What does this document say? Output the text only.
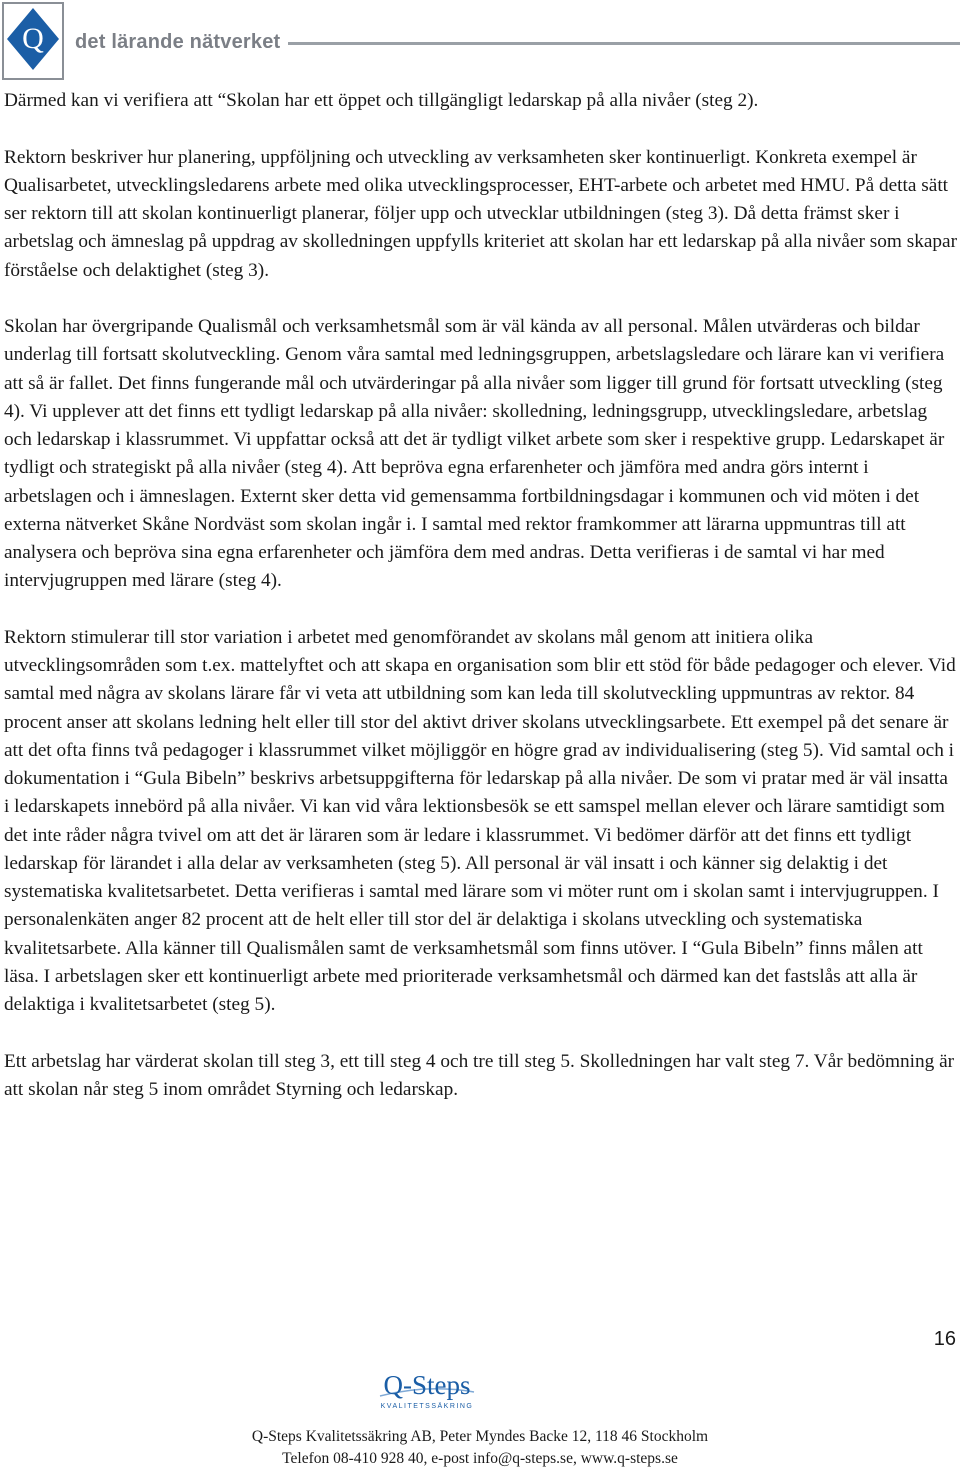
Q det lärande nätverket

Därmed kan vi verifiera att “Skolan har ett öppet och tillgängligt ledarskap på alla nivåer (steg 2).

Rektorn beskriver hur planering, uppföljning och utveckling av verksamheten sker kontinuerligt. Konkreta exempel är Qualisarbetet, utvecklingsledarens arbete med olika utvecklingsprocesser, EHT-arbete och arbetet med HMU. På detta sätt ser rektorn till att skolan kontinuerligt planerar, följer upp och utvecklar utbildningen (steg 3). Då detta främst sker i arbetslag och ämneslag på uppdrag av skolledningen uppfylls kriteriet att skolan har ett ledarskap på alla nivåer som skapar förståelse och delaktighet (steg 3).

Skolan har övergripande Qualismål och verksamhetsmål som är väl kända av all personal. Målen utvärderas och bildar underlag till fortsatt skolutveckling. Genom våra samtal med ledningsgruppen, arbetslagsledare och lärare kan vi verifiera att så är fallet. Det finns fungerande mål och utvärderingar på alla nivåer som ligger till grund för fortsatt utveckling (steg 4). Vi upplever att det finns ett tydligt ledarskap på alla nivåer: skolledning, ledningsgrupp, utvecklingsledare, arbetslag och ledarskap i klassrummet. Vi uppfattar också att det är tydligt vilket arbete som sker i respektive grupp. Ledarskapet är tydligt och strategiskt på alla nivåer (steg 4). Att bepröva egna erfarenheter och jämföra med andra görs internt i arbetslagen och i ämneslagen. Externt sker detta vid gemensamma fortbildningsdagar i kommunen och vid möten i det externa nätverket Skåne Nordväst som skolan ingår i. I samtal med rektor framkommer att lärarna uppmuntras till att analysera och bepröva sina egna erfarenheter och jämföra dem med andras. Detta verifieras i de samtal vi har med intervjugruppen med lärare (steg 4).

Rektorn stimulerar till stor variation i arbetet med genomförandet av skolans mål genom att initiera olika utvecklingsområden som t.ex. mattelyftet och att skapa en organisation som blir ett stöd för både pedagoger och elever. Vid samtal med några av skolans lärare får vi veta att utbildning som kan leda till skolutveckling uppmuntras av rektor. 84 procent anser att skolans ledning helt eller till stor del aktivt driver skolans utvecklingsarbete. Ett exempel på det senare är att det ofta finns två pedagoger i klassrummet vilket möjliggör en högre grad av individualisering (steg 5). Vid samtal och i dokumentation i “Gula Bibeln” beskrivs arbetsuppgifterna för ledarskap på alla nivåer. De som vi pratar med är väl insatta i ledarskapets innebörd på alla nivåer. Vi kan vid våra lektionsbesök se ett samspel mellan elever och lärare samtidigt som det inte råder några tvivel om att det är läraren som är ledare i klassrummet. Vi bedömer därför att det finns ett tydligt ledarskap för lärandet i alla delar av verksamheten (steg 5). All personal är väl insatt i och känner sig delaktig i det systematiska kvalitetsarbetet. Detta verifieras i samtal med lärare som vi möter runt om i skolan samt i intervjugruppen. I personalenkäten anger 82 procent att de helt eller till stor del är delaktiga i skolans utveckling och systematiska kvalitetsarbete. Alla känner till Qualismålen samt de verksamhetsmål som finns utöver. I “Gula Bibeln” finns målen att läsa. I arbetslagen sker ett kontinuerligt arbete med prioriterade verksamhetsmål och därmed kan det fastslås att alla är delaktiga i kvalitetsarbetet (steg 5).

Ett arbetslag har värderat skolan till steg 3, ett till steg 4 och tre till steg 5. Skolledningen har valt steg 7. Vår bedömning är att skolan når steg 5 inom området Styrning och ledarskap.

16
Q-Steps
KVALITETSSÄKRING
Q-Steps Kvalitetssäkring AB, Peter Myndes Backe 12, 118 46 Stockholm
Telefon 08-410 928 40, e-post info@q-steps.se, www.q-steps.se
